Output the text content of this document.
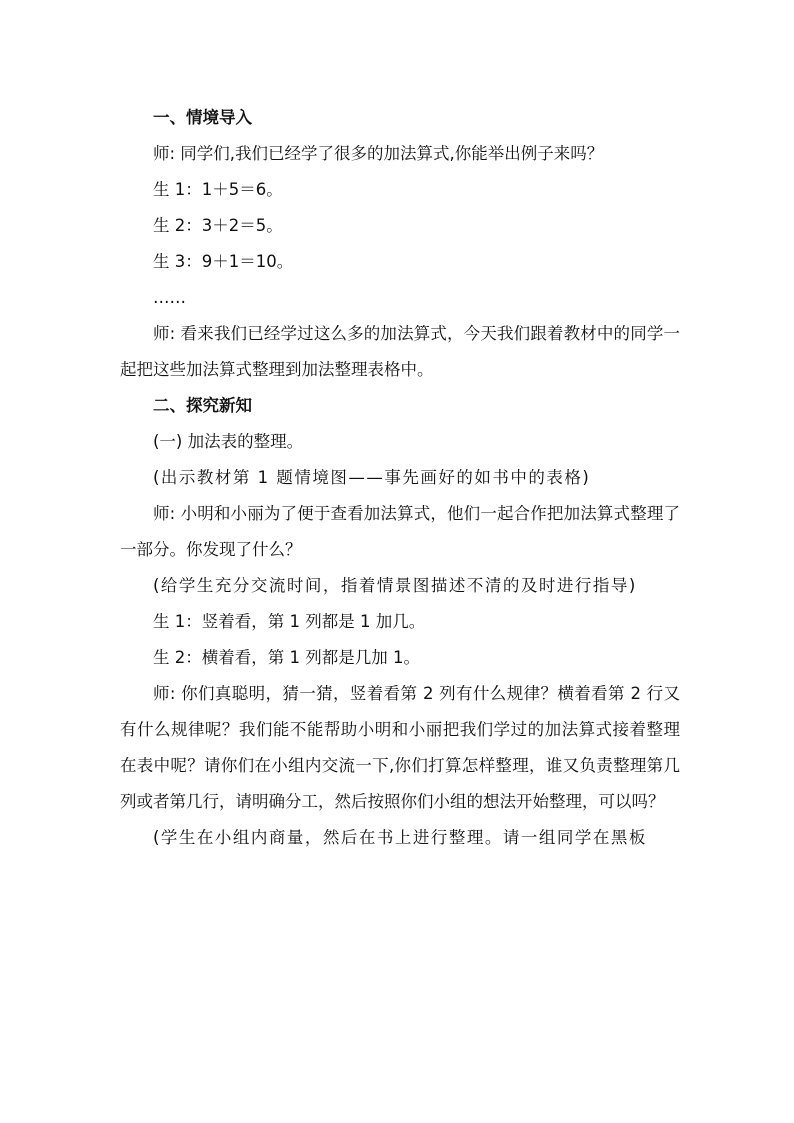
一、情境导入

师: 同学们,我们已经学了很多的加法算式,你能举出例子来吗？

生 1：1＋5＝6。

生 2：3＋2＝5。

生 3：9＋1＝10。

……

师: 看来我们已经学过这么多的加法算式，今天我们跟着教材中的同学一起把这些加法算式整理到加法整理表格中。

二、探究新知

(一) 加法表的整理。

(出示教材第 1 题情境图——事先画好的如书中的表格)

师: 小明和小丽为了便于查看加法算式，他们一起合作把加法算式整理了一部分。你发现了什么？

(给学生充分交流时间，指着情景图描述不清的及时进行指导)

生 1：竖着看，第 1 列都是 1 加几。

生 2：横着看，第 1 列都是几加 1。

师: 你们真聪明，猜一猜，竖着看第 2 列有什么规律？横着看第 2 行又有什么规律呢？我们能不能帮助小明和小丽把我们学过的加法算式接着整理在表中呢？请你们在小组内交流一下,你们打算怎样整理，谁又负责整理第几列或者第几行，请明确分工，然后按照你们小组的想法开始整理，可以吗？

(学生在小组内商量，然后在书上进行整理。请一组同学在黑板
